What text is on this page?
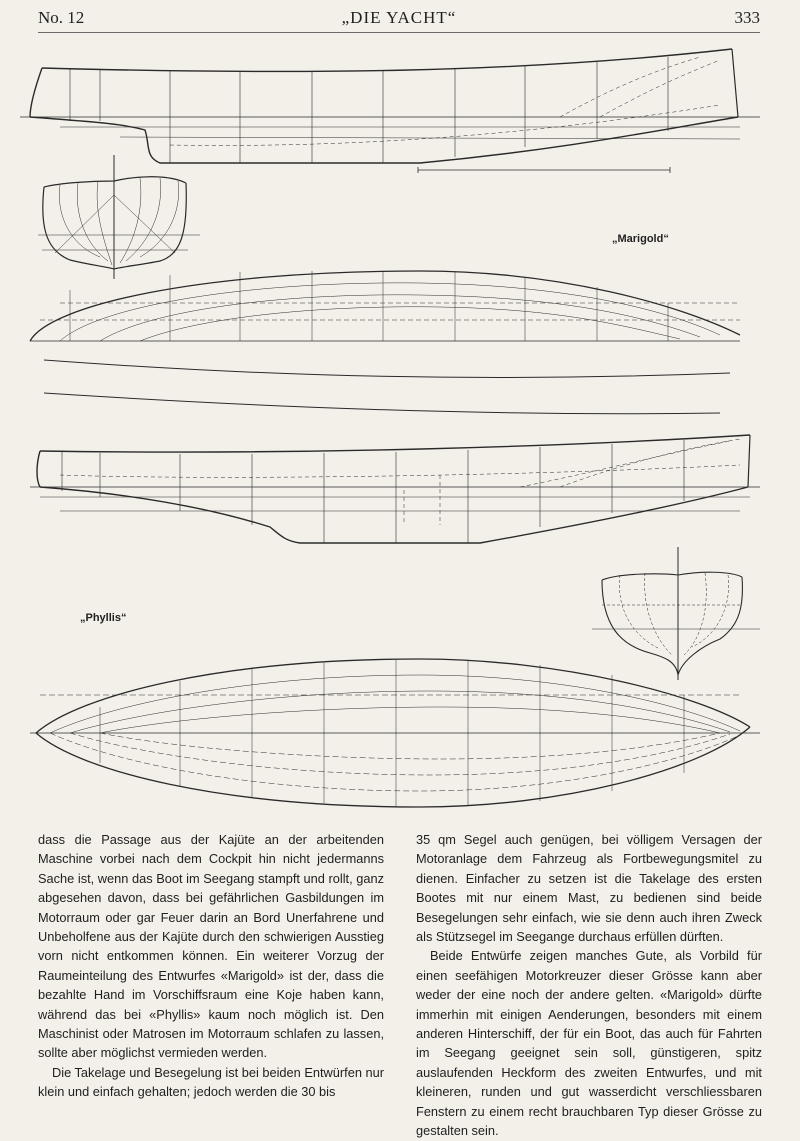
No. 12	„DIE YACHT“	333
„Marigold“
„Phyllis“

dass die Passage aus der Kajüte an der arbeitenden Maschine vorbei nach dem Cockpit hin nicht jedermanns Sache ist, wenn das Boot im Seegang stampft und rollt, ganz abgesehen davon, dass bei gefährlichen Gasbildungen im Motorraum oder gar Feuer darin an Bord Unerfahrene und Unbeholfene aus der Kajüte durch den schwierigen Ausstieg vorn nicht entkommen können. Ein weiterer Vorzug der Raumeinteilung des Entwurfes «Marigold» ist der, dass die bezahlte Hand im Vorschiffsraum eine Koje haben kann, während das bei «Phyllis» kaum noch möglich ist. Den Maschinist oder Matrosen im Motorraum schlafen zu lassen, sollte aber möglichst vermieden werden.

Die Takelage und Besegelung ist bei beiden Entwürfen nur klein und einfach gehalten; jedoch werden die 30 bis

35 qm Segel auch genügen, bei völligem Versagen der Motoranlage dem Fahrzeug als Fortbewegungsmitel zu dienen. Einfacher zu setzen ist die Takelage des ersten Bootes mit nur einem Mast, zu bedienen sind beide Besegelungen sehr einfach, wie sie denn auch ihren Zweck als Stützsegel im Seegange durchaus erfüllen dürften.

Beide Entwürfe zeigen manches Gute, als Vorbild für einen seefähigen Motorkreuzer dieser Grösse kann aber weder der eine noch der andere gelten. «Marigold» dürfte immerhin mit einigen Aenderungen, besonders mit einem anderen Hinterschiff, der für ein Boot, das auch für Fahrten im Seegang geeignet sein soll, günstigeren, spitz auslaufenden Heckform des zweiten Entwurfes, und mit kleineren, runden und gut wasserdicht verschliessbaren Fenstern zu einem recht brauchbaren Typ dieser Grösse zu gestalten sein.
